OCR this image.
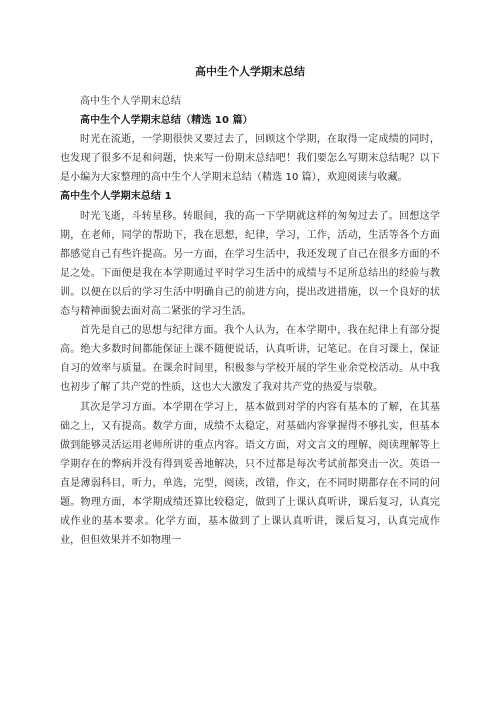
高中生个人学期末总结

高中生个人学期末总结

高中生个人学期末总结（精选 10 篇）

时光在流逝，一学期很快又要过去了，回顾这个学期，在取得一定成绩的同时，也发现了很多不足和问题，快来写一份期末总结吧！我们要怎么写期末总结呢？以下是小编为大家整理的高中生个人学期末总结（精选 10 篇），欢迎阅读与收藏。

高中生个人学期末总结 1

时光飞逝，斗转星移。转眼间，我的高一下学期就这样的匆匆过去了。回想这学期，在老师，同学的帮助下，我在思想，纪律，学习，工作，活动，生活等各个方面都感觉自己有些许提高。另一方面，在学习生活中，我还发现了自己在很多方面的不足之处。下面便是我在本学期通过平时学习生活中的成绩与不足所总结出的经验与教训。以便在以后的学习生活中明确自己的前进方向，提出改进措施，以一个良好的状态与精神面貌去面对高二紧张的学习生活。

首先是自己的思想与纪律方面。我个人认为，在本学期中，我在纪律上有部分提高。绝大多数时间都能保证上课不随便说话，认真听讲，记笔记。在自习课上，保证自习的效率与质量。在课余时间里，积极参与学校开展的学生业余党校活动。从中我也初步了解了共产党的性质，这也大大激发了我对共产党的热爱与崇敬。

其次是学习方面。本学期在学习上，基本做到对学的内容有基本的了解，在其基础之上，又有提高。数学方面，成绩不太稳定，对基础内容掌握得不够扎实，但基本做到能够灵活运用老师所讲的重点内容。语文方面，对文言文的理解，阅读理解等上学期存在的弊病并没有得到妥善地解决，只不过都是每次考试前都突击一次。英语一直是薄弱科目，听力，单选，完型，阅读，改错，作文，在不同时期都存在不同的问题。物理方面，本学期成绩还算比较稳定，做到了上课认真听讲，课后复习，认真完成作业的基本要求。化学方面，基本做到了上课认真听讲，课后复习，认真完成作业，但但效果并不如物理一
